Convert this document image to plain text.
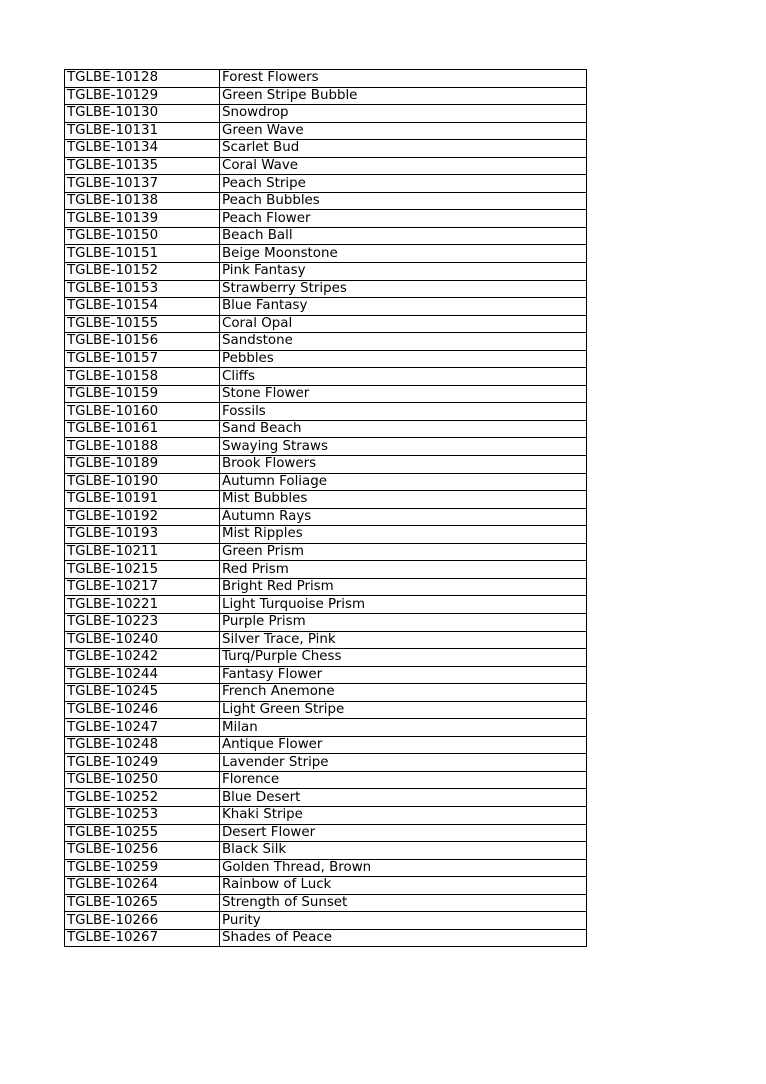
TGLBE-10128	Forest Flowers
TGLBE-10129	Green Stripe Bubble
TGLBE-10130	Snowdrop
TGLBE-10131	Green Wave
TGLBE-10134	Scarlet Bud
TGLBE-10135	Coral Wave
TGLBE-10137	Peach Stripe
TGLBE-10138	Peach Bubbles
TGLBE-10139	Peach Flower
TGLBE-10150	Beach Ball
TGLBE-10151	Beige Moonstone
TGLBE-10152	Pink Fantasy
TGLBE-10153	Strawberry Stripes
TGLBE-10154	Blue Fantasy
TGLBE-10155	Coral Opal
TGLBE-10156	Sandstone
TGLBE-10157	Pebbles
TGLBE-10158	Cliffs
TGLBE-10159	Stone Flower
TGLBE-10160	Fossils
TGLBE-10161	Sand Beach
TGLBE-10188	Swaying Straws
TGLBE-10189	Brook Flowers
TGLBE-10190	Autumn Foliage
TGLBE-10191	Mist Bubbles
TGLBE-10192	Autumn Rays
TGLBE-10193	Mist Ripples
TGLBE-10211	Green Prism
TGLBE-10215	Red Prism
TGLBE-10217	Bright Red Prism
TGLBE-10221	Light Turquoise Prism
TGLBE-10223	Purple Prism
TGLBE-10240	Silver Trace, Pink
TGLBE-10242	Turq/Purple Chess
TGLBE-10244	Fantasy Flower
TGLBE-10245	French Anemone
TGLBE-10246	Light Green Stripe
TGLBE-10247	Milan
TGLBE-10248	Antique Flower
TGLBE-10249	Lavender Stripe
TGLBE-10250	Florence
TGLBE-10252	Blue Desert
TGLBE-10253	Khaki Stripe
TGLBE-10255	Desert Flower
TGLBE-10256	Black Silk
TGLBE-10259	Golden Thread, Brown
TGLBE-10264	Rainbow of Luck
TGLBE-10265	Strength of Sunset
TGLBE-10266	Purity
TGLBE-10267	Shades of Peace
